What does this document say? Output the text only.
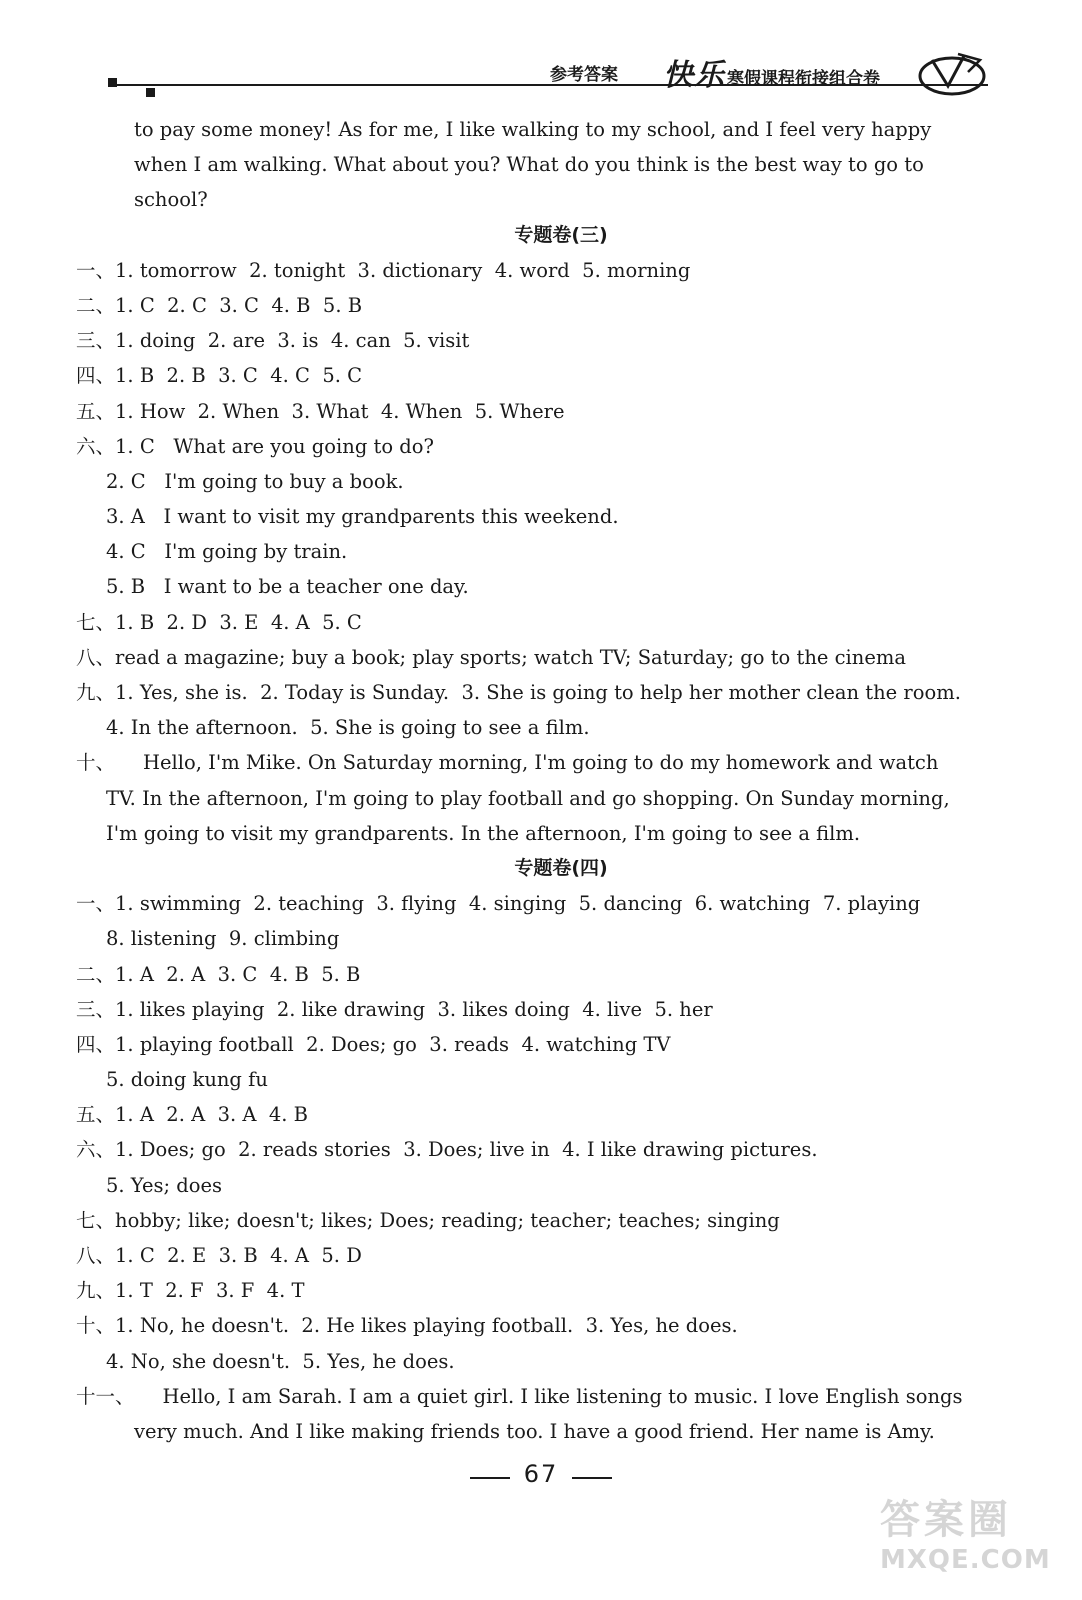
参考答案 快乐 寒假课程衔接组合卷
to pay some money! As for me, I like walking to my school, and I feel very happy
when I am walking. What about you? What do you think is the best way to go to
school?
专题卷(三)
一、1. tomorrow  2. tonight  3. dictionary  4. word  5. morning
二、1. C  2. C  3. C  4. B  5. B
三、1. doing  2. are  3. is  4. can  5. visit
四、1. B  2. B  3. C  4. C  5. C
五、1. How  2. When  3. What  4. When  5. Where
六、1. C   What are you going to do?
2. C   I'm going to buy a book.
3. A   I want to visit my grandparents this weekend.
4. C   I'm going by train.
5. B   I want to be a teacher one day.
七、1. B  2. D  3. E  4. A  5. C
八、read a magazine; buy a book; play sports; watch TV; Saturday; go to the cinema
九、1. Yes, she is.  2. Today is Sunday.  3. She is going to help her mother clean the room.
4. In the afternoon.  5. She is going to see a film.
十、 Hello, I'm Mike. On Saturday morning, I'm going to do my homework and watch
TV. In the afternoon, I'm going to play football and go shopping. On Sunday morning,
I'm going to visit my grandparents. In the afternoon, I'm going to see a film.
专题卷(四)
一、1. swimming  2. teaching  3. flying  4. singing  5. dancing  6. watching  7. playing
8. listening  9. climbing
二、1. A  2. A  3. C  4. B  5. B
三、1. likes playing  2. like drawing  3. likes doing  4. live  5. her
四、1. playing football  2. Does; go  3. reads  4. watching TV
5. doing kung fu
五、1. A  2. A  3. A  4. B
六、1. Does; go  2. reads stories  3. Does; live in  4. I like drawing pictures.
5. Yes; does
七、hobby; like; doesn't; likes; Does; reading; teacher; teaches; singing
八、1. C  2. E  3. B  4. A  5. D
九、1. T  2. F  3. F  4. T
十、1. No, he doesn't.  2. He likes playing football.  3. Yes, he does.
4. No, she doesn't.  5. Yes, he does.
十一、 Hello, I am Sarah. I am a quiet girl. I like listening to music. I love English songs
very much. And I like making friends too. I have a good friend. Her name is Amy.
67
答案圈
MXQE.COM
